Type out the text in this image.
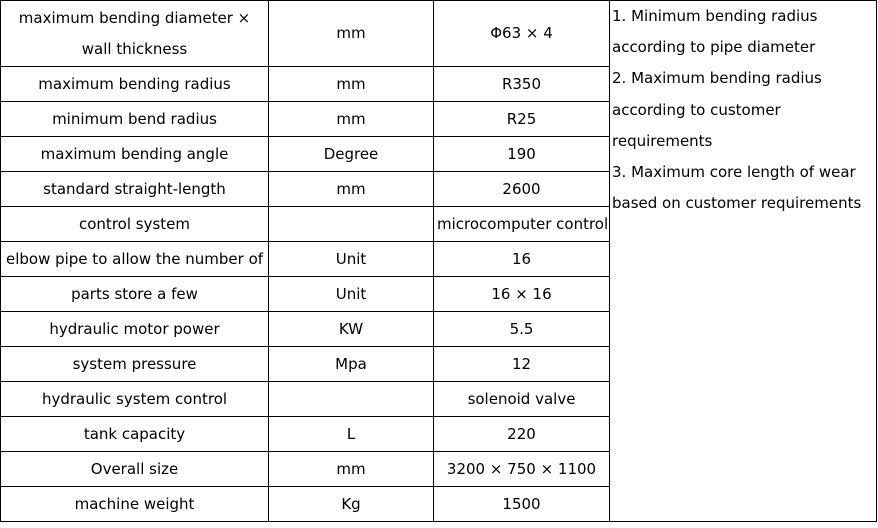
maximum bending diameter × wall thickness	mm	Φ63 × 4	1. Minimum bending radius according to pipe diameter
2. Maximum bending radius according to customer requirements
3. Maximum core length of wear based on customer requirements

maximum bending radius	mm	R350	
minimum bend radius	mm	R25	
maximum bending angle	Degree	190	
standard straight-length	mm	2600	
control system		microcomputer control	
elbow pipe to allow the number of	Unit	16	
parts store a few	Unit	16 × 16	
hydraulic motor power	KW	5.5	
system pressure	Mpa	12	
hydraulic system control		solenoid valve	
tank capacity	L	220	
Overall size	mm	3200 × 750 × 1100	
machine weight	Kg	1500	
